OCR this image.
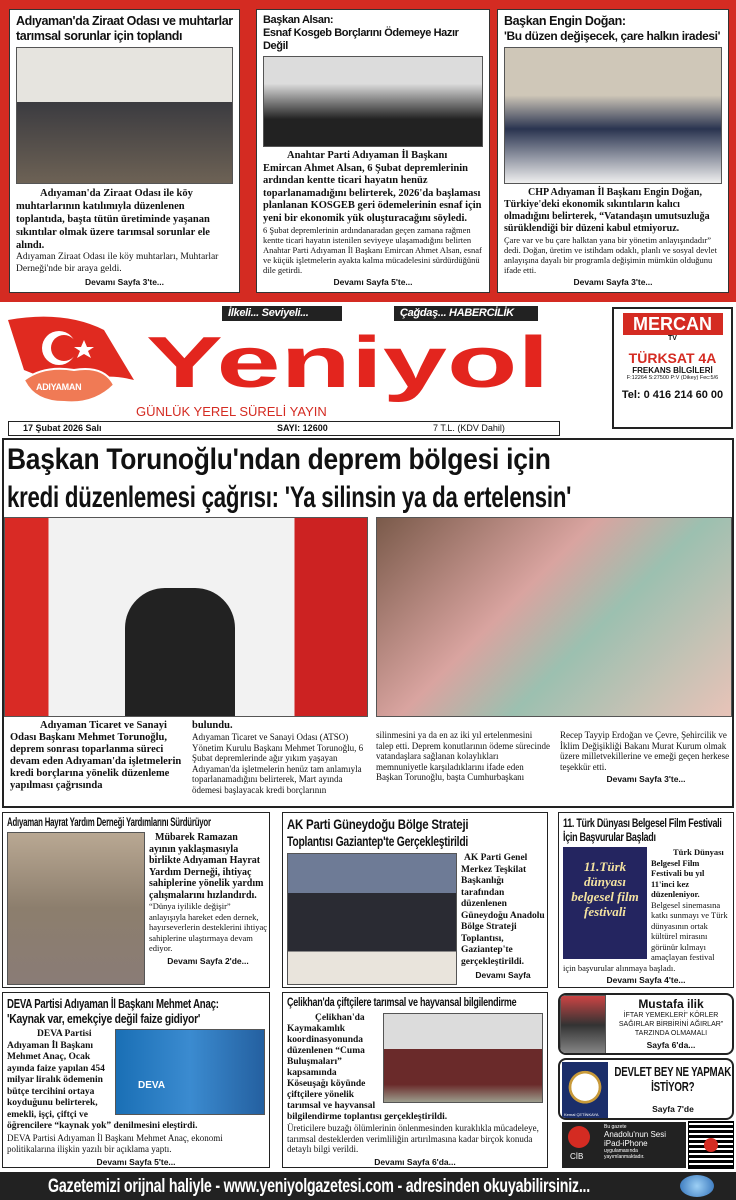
Adıyaman'da Ziraat Odası ve muhtarlar tarımsal sorunlar için toplandı
Adıyaman'da Ziraat Odası ile köy muhtarlarının katılımıyla düzenlenen toplantıda, başta tütün üretiminde yaşanan sıkıntılar olmak üzere tarımsal sorunlar ele alındı.
Adıyaman Ziraat Odası ile köy muhtarları, Muhtarlar Derneği'nde bir araya geldi.
Devamı Sayfa 3'te...
Başkan Alsan:
Esnaf Kosgeb Borçlarını Ödemeye Hazır Değil
Anahtar Parti Adıyaman İl Başkanı Emircan Ahmet Alsan, 6 Şubat depremlerinin ardından kentte ticari hayatın henüz toparlanamadığını belirterek, 2026'da başlaması planlanan KOSGEB geri ödemelerinin esnaf için yeni bir ekonomik yük oluşturacağını söyledi.
6 Şubat depremlerinin ardındanaradan geçen zamana rağmen kentte ticari hayatın istenilen seviyeye ulaşamadığını belirten Anahtar Parti Adıyaman İl Başkanı Emircan Ahmet Alsan, esnaf ve küçük işletmelerin ayakta kalma mücadelesini sürdürdüğünü dile getirdi.
Devamı Sayfa 5'te...
Başkan Engin Doğan:
'Bu düzen değişecek, çare halkın iradesi'
CHP Adıyaman İl Başkanı Engin Doğan, Türkiye'deki ekonomik sıkıntıların kalıcı olmadığını belirterek, “Vatandaşın umutsuzluğa sürüklendiği bir düzeni kabul etmiyoruz.
Çare var ve bu çare halktan yana bir yönetim anlayışındadır” dedi. Doğan, üretim ve istihdam odaklı, planlı ve sosyal devlet anlayışına dayalı bir programla değişimin mümkün olduğunu ifade etti.
Devamı Sayfa 3'te...
ADIYAMAN Yeniyol
İlkeli... Seviyeli...	Çağdaş... HABERCİLİK
GÜNLÜK YEREL SÜRELİ YAYIN
17 Şubat 2026 Salı	SAYI: 12600	7 T.L. (KDV Dahil)
MERCAN
TV
TÜRKSAT 4A
FREKANS BİLGİLERİ
F:12264 S:27500 P:V (Dikey) Fec:5/6
Tel: 0 416 214 60 00
Başkan Torunoğlu'ndan deprem bölgesi için
kredi düzenlemesi çağrısı: 'Ya silinsin ya da ertelensin'
Adıyaman Ticaret ve Sanayi Odası Başkanı Mehmet Torunoğlu, deprem sonrası toparlanma süreci devam eden Adıyaman'da işletmelerin kredi borçlarına yönelik düzenleme yapılması çağrısında
bulundu.
Adıyaman Ticaret ve Sanayi Odası (ATSO) Yönetim Kurulu Başkanı Mehmet Torunoğlu, 6 Şubat depremlerinde ağır yıkım yaşayan Adıyaman'da işletmelerin henüz tam anlamıyla toparlanamadığını belirterek, Mart ayında ödemesi başlayacak kredi borçlarının
silinmesini ya da en az iki yıl ertelenmesini talep etti. Deprem konutlarının ödeme sürecinde vatandaşlara sağlanan kolaylıkları memnuniyetle karşıladıklarını ifade eden Başkan Torunoğlu, başta Cumhurbaşkanı
Recep Tayyip Erdoğan ve Çevre, Şehircilik ve İklim Değişikliği Bakanı Murat Kurum olmak üzere milletvekillerine ve emeği geçen herkese teşekkür etti.
Devamı Sayfa 3'te...
Adıyaman Hayrat Yardım Derneği Yardımlarını Sürdürüyor
Mübarek Ramazan ayının yaklaşmasıyla birlikte Adıyaman Hayrat Yardım Derneği, ihtiyaç sahiplerine yönelik yardım çalışmalarını hızlandırdı.
“Dünya iyilikle değişir” anlayışıyla hareket eden dernek, hayırseverlerin desteklerini ihtiyaç sahiplerine ulaştırmaya devam ediyor.
Devamı Sayfa 2'de...
AK Parti Güneydoğu Bölge Strateji
Toplantısı Gaziantep'te Gerçekleştirildi
AK Parti Genel Merkez Teşkilat Başkanlığı tarafından düzenlenen Güneydoğu Anadolu Bölge Strateji Toplantısı, Gaziantep'te gerçekleştirildi.
Devamı Sayfa
11. Türk Dünyası Belgesel Film Festivali İçin Başvurular Başladı
11.Türk dünyası belgesel film festivali
Türk Dünyası Belgesel Film Festivali bu yıl 11'inci kez düzenleniyor.
Belgesel sinemasına katkı sunmayı ve Türk dünyasının ortak kültürel mirasını görünür kılmayı amaçlayan festival için başvurular alınmaya başladı.
Devamı Sayfa 4'te...
DEVA Partisi Adıyaman İl Başkanı Mehmet Anaç:
'Kaynak var, emekçiye değil faize gidiyor'
DEVA
DEVA Partisi Adıyaman İl Başkanı Mehmet Anaç, Ocak ayında faize yapılan 454 milyar liralık ödemenin bütçe tercihini ortaya koyduğunu belirterek, emekli, işçi, çiftçi ve öğrencilere “kaynak yok” denilmesini eleştirdi.
DEVA Partisi Adıyaman İl Başkanı Mehmet Anaç, ekonomi politikalarına ilişkin yazılı bir açıklama yaptı.
Devamı Sayfa 5'te...
Çelikhan'da çiftçilere tarımsal ve hayvansal bilgilendirme
Çelikhan'da Kaymakamlık koordinasyonunda düzenlenen “Cuma Buluşmaları” kapsamında Köseuşağı köyünde çiftçilere yönelik tarımsal ve hayvansal bilgilendirme toplantısı gerçekleştirildi.
Üreticilere buzağı ölümlerinin önlenmesinden kuraklıkla mücadeleye, tarımsal desteklerden verimliliğin artırılmasına kadar birçok konuda detaylı bilgi verildi.
Devamı Sayfa 6'da...
Mustafa ilik
İFTAR YEMEKLERİ” KÖRLER SAĞIRLAR BİRBİRİNİ AĞIRLAR” TARZINDA OLMAMALI
Sayfa 6'da...
Kemal ÇETİNKAYA
DEVLET BEY NE YAPMAK İSTİYOR?
Sayfa 7'de
CİB
Bu gazete
Anadolu'nun Sesi
iPad-iPhone
uygulamasında
yayımlanmaktadır.
Gazetemizi orijnal haliyle - www.yeniyolgazetesi.com - adresinden okuyabilirsiniz...
